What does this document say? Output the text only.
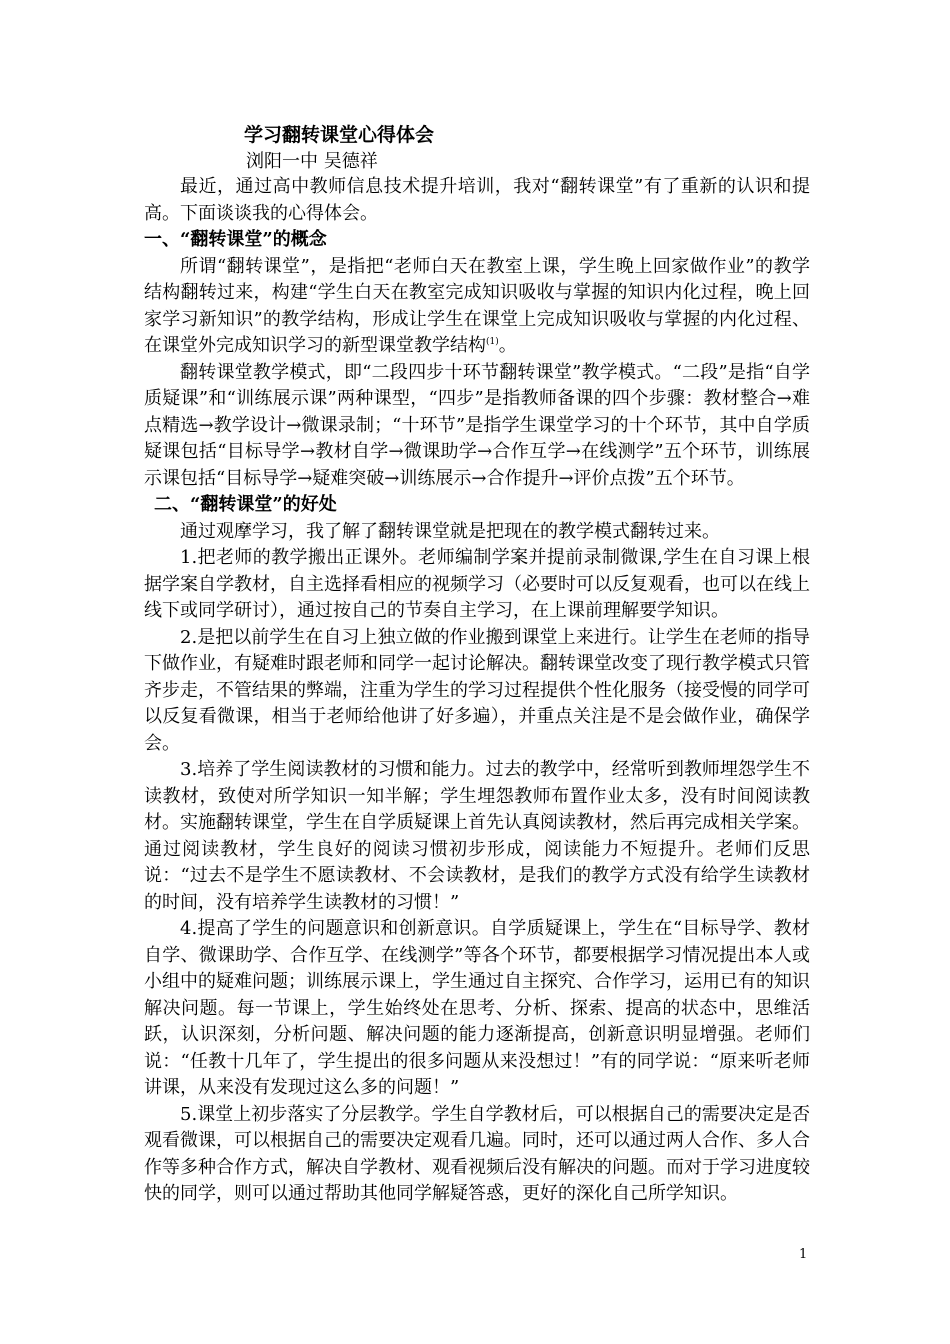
学习翻转课堂心得体会
浏阳一中 吴德祥

最近，通过高中教师信息技术提升培训，我对“翻转课堂”有了重新的认识和提高。下面谈谈我的心得体会。

一、“翻转课堂”的概念

所谓“翻转课堂”，是指把“老师白天在教室上课，学生晚上回家做作业”的教学结构翻转过来，构建“学生白天在教室完成知识吸收与掌握的知识内化过程，晚上回家学习新知识”的教学结构，形成让学生在课堂上完成知识吸收与掌握的内化过程、在课堂外完成知识学习的新型课堂教学结构$^{(1)}$。

翻转课堂教学模式，即“二段四步十环节翻转课堂”教学模式。“二段”是指“自学质疑课”和“训练展示课”两种课型，“四步”是指教师备课的四个步骤：教材整合→难点精选→教学设计→微课录制；“十环节”是指学生课堂学习的十个环节，其中自学质疑课包括“目标导学→教材自学→微课助学→合作互学→在线测学”五个环节，训练展示课包括“目标导学→疑难突破→训练展示→合作提升→评价点拨”五个环节。

二、“翻转课堂”的好处

通过观摩学习，我了解了翻转课堂就是把现在的教学模式翻转过来。

1.把老师的教学搬出正课外。老师编制学案并提前录制微课,学生在自习课上根据学案自学教材，自主选择看相应的视频学习（必要时可以反复观看，也可以在线上线下或同学研讨），通过按自己的节奏自主学习，在上课前理解要学知识。

2.是把以前学生在自习上独立做的作业搬到课堂上来进行。让学生在老师的指导下做作业，有疑难时跟老师和同学一起讨论解决。翻转课堂改变了现行教学模式只管齐步走，不管结果的弊端，注重为学生的学习过程提供个性化服务（接受慢的同学可以反复看微课，相当于老师给他讲了好多遍），并重点关注是不是会做作业，确保学会。

3.培养了学生阅读教材的习惯和能力。过去的教学中，经常听到教师埋怨学生不读教材，致使对所学知识一知半解；学生埋怨教师布置作业太多，没有时间阅读教材。实施翻转课堂，学生在自学质疑课上首先认真阅读教材，然后再完成相关学案。通过阅读教材，学生良好的阅读习惯初步形成，阅读能力不短提升。老师们反思说：“过去不是学生不愿读教材、不会读教材，是我们的教学方式没有给学生读教材的时间，没有培养学生读教材的习惯！”

4.提高了学生的问题意识和创新意识。自学质疑课上，学生在“目标导学、教材自学、微课助学、合作互学、在线测学”等各个环节，都要根据学习情况提出本人或小组中的疑难问题；训练展示课上，学生通过自主探究、合作学习，运用已有的知识解决问题。每一节课上，学生始终处在思考、分析、探索、提高的状态中，思维活跃，认识深刻，分析问题、解决问题的能力逐渐提高，创新意识明显增强。老师们说：“任教十几年了，学生提出的很多问题从来没想过！”有的同学说：“原来听老师讲课，从来没有发现过这么多的问题！”

5.课堂上初步落实了分层教学。学生自学教材后，可以根据自己的需要决定是否观看微课，可以根据自己的需要决定观看几遍。同时，还可以通过两人合作、多人合作等多种合作方式，解决自学教材、观看视频后没有解决的问题。而对于学习进度较快的同学，则可以通过帮助其他同学解疑答惑，更好的深化自己所学知识。

1
